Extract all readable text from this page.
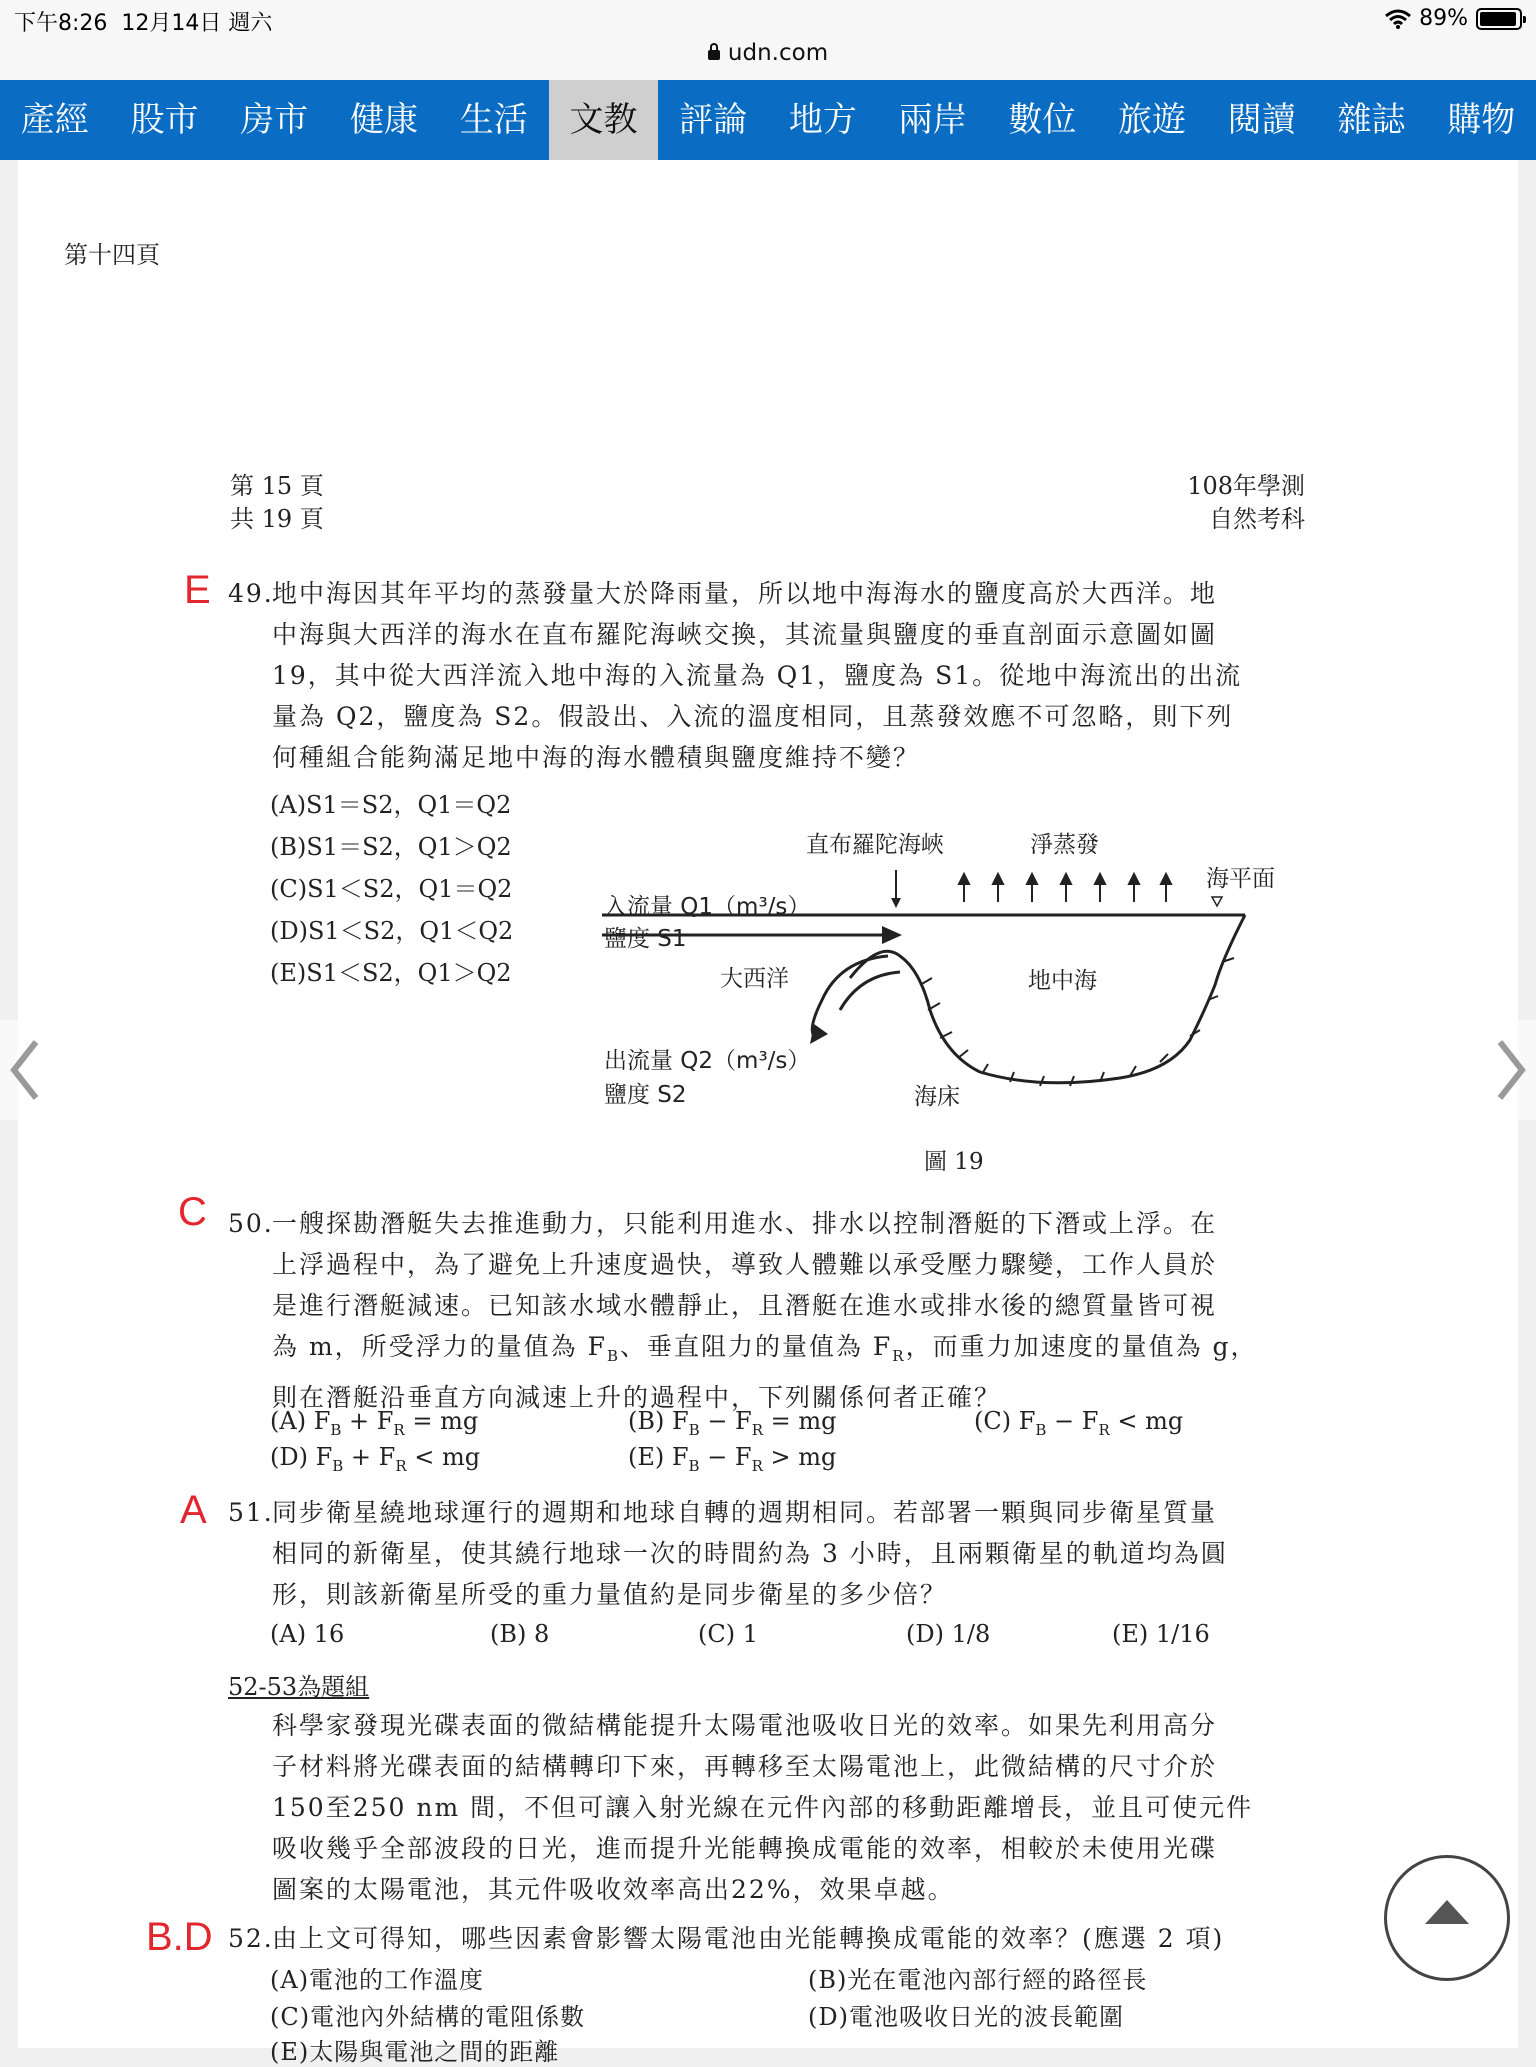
下午8:26 12月14日 週六	89%
udn.com
產經	股市	房市	健康	生活	文教	評論	地方	兩岸	數位	旅遊	閱讀	雜誌	購物
第十四頁
第 15 頁
共 19 頁
108年學測
自然考科
E 49.
地中海因其年平均的蒸發量大於降雨量，所以地中海海水的鹽度高於大西洋。地
中海與大西洋的海水在直布羅陀海峽交換，其流量與鹽度的垂直剖面示意圖如圖
19，其中從大西洋流入地中海的入流量為 Q1，鹽度為 S1。從地中海流出的出流
量為 Q2，鹽度為 S2。假設出、入流的溫度相同，且蒸發效應不可忽略，則下列
何種組合能夠滿足地中海的海水體積與鹽度維持不變？
(A)S1＝S2，Q1＝Q2
(B)S1＝S2，Q1＞Q2
(C)S1＜S2，Q1＝Q2
(D)S1＜S2，Q1＜Q2
(E)S1＜S2，Q1＞Q2
直布羅陀海峽	淨蒸發
海平面
入流量 Q1（m³/s）
鹽度 S1
大西洋	地中海
出流量 Q2（m³/s）
鹽度 S2	海床
圖 19
C 50.
一艘探勘潛艇失去推進動力，只能利用進水、排水以控制潛艇的下潛或上浮。在
上浮過程中，為了避免上升速度過快，導致人體難以承受壓力驟變，工作人員於
是進行潛艇減速。已知該水域水體靜止，且潛艇在進水或排水後的總質量皆可視
為 m，所受浮力的量值為 $F_B$、垂直阻力的量值為 $F_R$，而重力加速度的量值為 g，
則在潛艇沿垂直方向減速上升的過程中，下列關係何者正確？
(A) $F_B + F_R$ = mg	(B) $F_B - F_R$ = mg	(C) $F_B - F_R$ < mg
(D) $F_B + F_R$ < mg	(E) $F_B - F_R$ > mg
A 51.
同步衛星繞地球運行的週期和地球自轉的週期相同。若部署一顆與同步衛星質量
相同的新衛星，使其繞行地球一次的時間約為 3 小時，且兩顆衛星的軌道均為圓
形，則該新衛星所受的重力量值約是同步衛星的多少倍？
(A) 16	(B) 8	(C) 1	(D) 1/8	(E) 1/16
52-53為題組
科學家發現光碟表面的微結構能提升太陽電池吸收日光的效率。如果先利用高分
子材料將光碟表面的結構轉印下來，再轉移至太陽電池上，此微結構的尺寸介於
150至250 nm 間，不但可讓入射光線在元件內部的移動距離增長，並且可使元件
吸收幾乎全部波段的日光，進而提升光能轉換成電能的效率，相較於未使用光碟
圖案的太陽電池，其元件吸收效率高出22%，效果卓越。
B.D 52.
由上文可得知，哪些因素會影響太陽電池由光能轉換成電能的效率？(應選 2 項)
(A)電池的工作溫度	(B)光在電池內部行經的路徑長
(C)電池內外結構的電阻係數	(D)電池吸收日光的波長範圍
(E)太陽與電池之間的距離
